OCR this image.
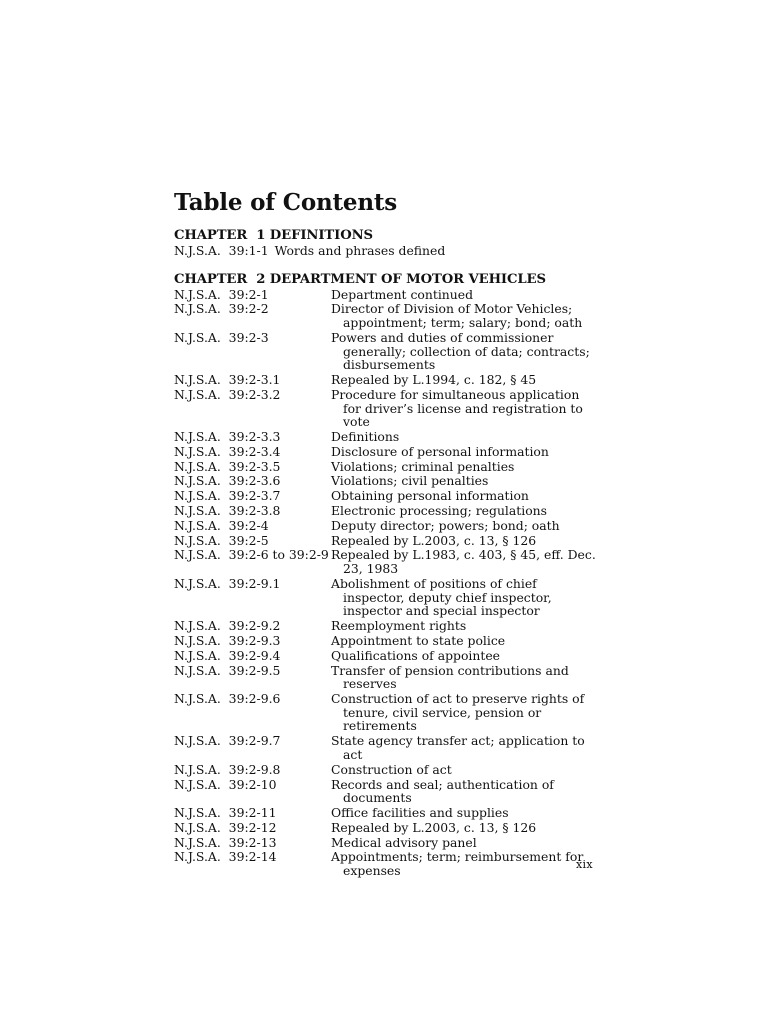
Table of Contents
CHAPTER  1 DEFINITIONS
N.J.S.A.  39:1-1 Words and phrases defined
CHAPTER  2 DEPARTMENT OF MOTOR VEHICLES
N.J.S.A.  39:2-1	Department continued
N.J.S.A.  39:2-2	Director of Division of Motor Vehicles; appointment; term; salary; bond; oath
N.J.S.A.  39:2-3	Powers and duties of commissioner generally; collection of data; contracts; disbursements
N.J.S.A.  39:2-3.1	Repealed by L.1994, c. 182, § 45
N.J.S.A.  39:2-3.2	Procedure for simultaneous application for driver’s license and registration to vote
N.J.S.A.  39:2-3.3	Definitions
N.J.S.A.  39:2-3.4	Disclosure of personal information
N.J.S.A.  39:2-3.5	Violations; criminal penalties
N.J.S.A.  39:2-3.6	Violations; civil penalties
N.J.S.A.  39:2-3.7	Obtaining personal information
N.J.S.A.  39:2-3.8	Electronic processing; regulations
N.J.S.A.  39:2-4	Deputy director; powers; bond; oath
N.J.S.A.  39:2-5	Repealed by L.2003, c. 13, § 126
N.J.S.A.  39:2-6 to 39:2-9 Repealed by L.1983, c. 403, § 45, eff. Dec. 23, 1983
N.J.S.A.  39:2-9.1	Abolishment of positions of chief inspector, deputy chief inspector, inspector and special inspector
N.J.S.A.  39:2-9.2	Reemployment rights
N.J.S.A.  39:2-9.3	Appointment to state police
N.J.S.A.  39:2-9.4	Qualifications of appointee
N.J.S.A.  39:2-9.5	Transfer of pension contributions and reserves
N.J.S.A.  39:2-9.6	Construction of act to preserve rights of tenure, civil service, pension or retirements
N.J.S.A.  39:2-9.7	State agency transfer act; application to act
N.J.S.A.  39:2-9.8	Construction of act
N.J.S.A.  39:2-10	Records and seal; authentication of documents
N.J.S.A.  39:2-11	Office facilities and supplies
N.J.S.A.  39:2-12	Repealed by L.2003, c. 13, § 126
N.J.S.A.  39:2-13	Medical advisory panel
N.J.S.A.  39:2-14	Appointments; term; reimbursement for expenses	xix
